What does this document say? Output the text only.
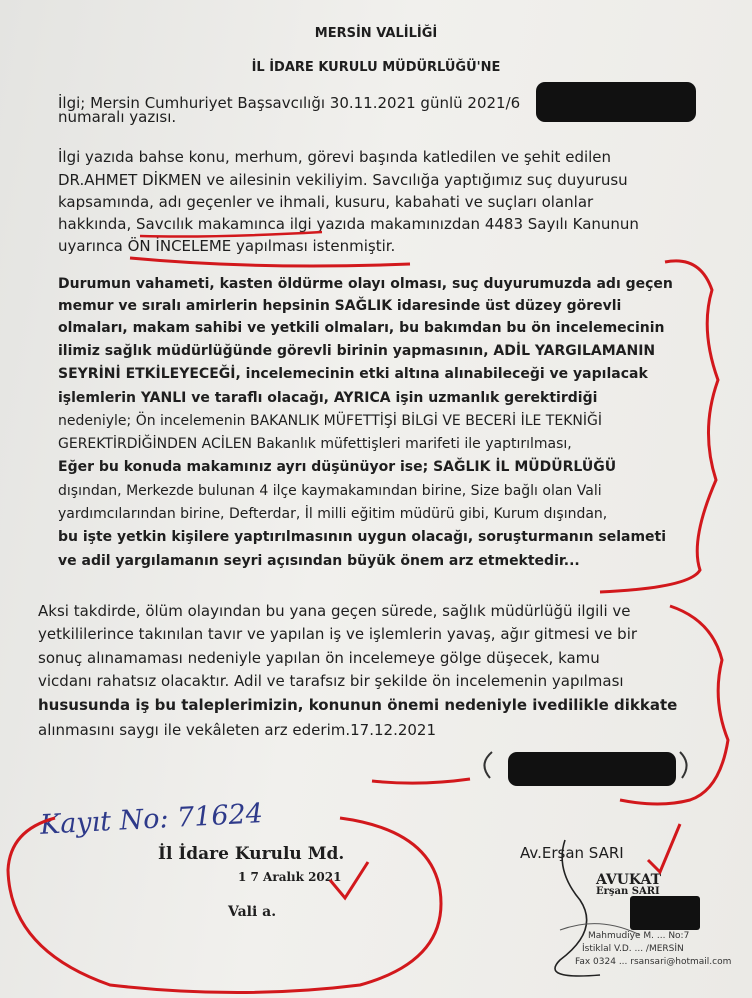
MERSİN VALİLİĞİ
İL İDARE KURULU MÜDÜRLÜĞÜ'NE
İlgi; Mersin Cumhuriyet Başsavcılığı 30.11.2021 günlü 2021/6
numaralı yazısı.
İlgi yazıda bahse konu, merhum, görevi başında katledilen ve şehit edilen
DR.AHMET DİKMEN ve ailesinin vekiliyim. Savcılığa yaptığımız suç duyurusu
kapsamında, adı geçenler ve ihmali, kusuru, kabahati ve suçları olanlar
hakkında, Savcılık makamınca ilgi yazıda makamınızdan 4483 Sayılı Kanunun
uyarınca ÖN İNCELEME yapılması istenmiştir.
Durumun vahameti, kasten öldürme olayı olması, suç duyurumuzda adı geçen
memur ve sıralı amirlerin hepsinin SAĞLIK idaresinde üst düzey görevli
olmaları, makam sahibi ve yetkili olmaları, bu bakımdan bu ön incelemecinin
ilimiz sağlık müdürlüğünde görevli birinin yapmasının, ADİL YARGILAMANIN
SEYRİNİ ETKİLEYECEĞİ, incelemecinin etki altına alınabileceği ve yapılacak
işlemlerin YANLI ve taraflı olacağı, AYRICA işin uzmanlık gerektirdiği
nedeniyle; Ön incelemenin BAKANLIK MÜFETTİŞİ BİLGİ VE BECERİ İLE TEKNİĞİ
GEREKTİRDİĞİNDEN ACİLEN Bakanlık müfettişleri marifeti ile yaptırılması,
Eğer bu konuda makamınız ayrı düşünüyor ise; SAĞLIK İL MÜDÜRLÜĞÜ
dışından, Merkezde bulunan 4 ilçe kaymakamından birine, Size bağlı olan Vali
yardımcılarından birine, Defterdar, İl milli eğitim müdürü gibi, Kurum dışından,
bu işte yetkin kişilere yaptırılmasının uygun olacağı, soruşturmanın selameti
ve adil yargılamanın seyri açısından büyük önem arz etmektedir...
Aksi takdirde, ölüm olayından bu yana geçen sürede, sağlık müdürlüğü ilgili ve
yetkililerince takınılan tavır ve yapılan iş ve işlemlerin yavaş, ağır gitmesi ve bir
sonuç alınamaması nedeniyle yapılan ön incelemeye gölge düşecek, kamu
vicdanı rahatsız olacaktır. Adil ve tarafsız bir şekilde ön incelemenin yapılması
hususunda iş bu taleplerimizin, konunun önemi nedeniyle ivedilikle dikkate
alınmasını saygı ile vekâleten arz ederim.17.12.2021
Kayıt No: 71624
İl İdare Kurulu Md.
1 7 Aralık 2021
Vali a.
Av.Erşan SARI
AVUKAT
Erşan SARI
Mahmudiye M. ... No:7
İstiklal V.D. ... /MERSİN
Fax 0324 ... rsansari@hotmail.com
